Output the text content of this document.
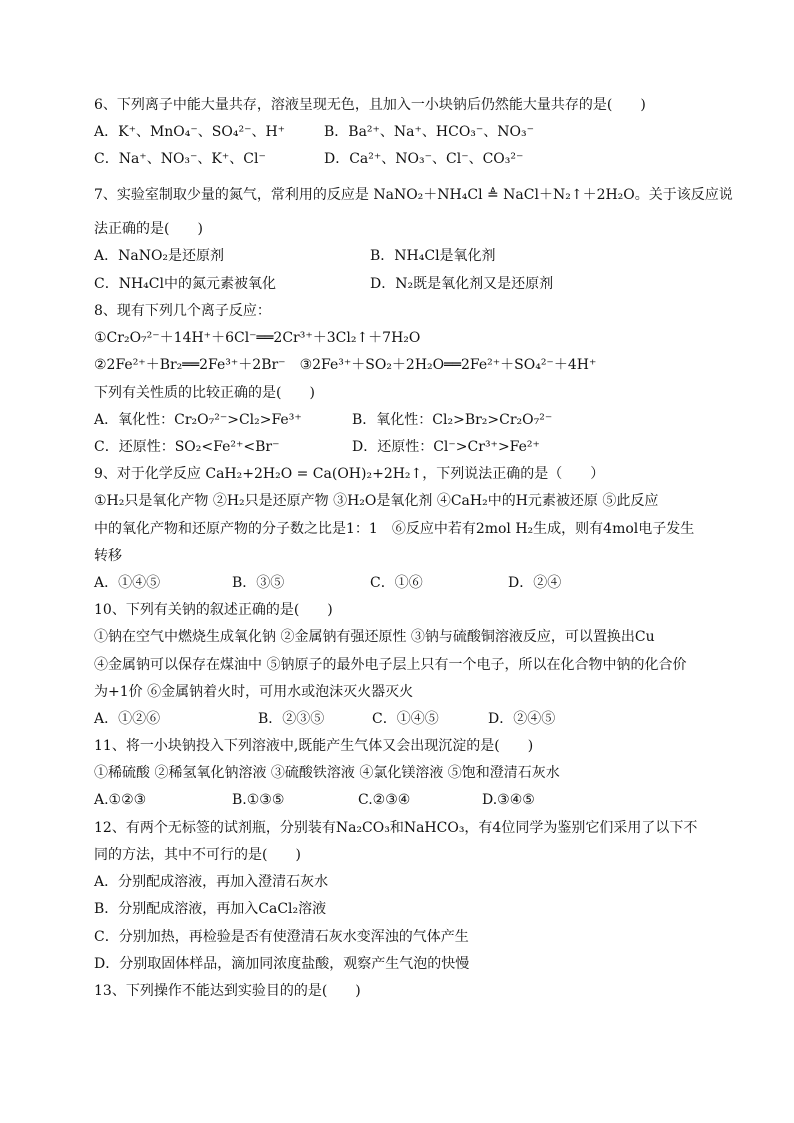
6、下列离子中能大量共存，溶液呈现无色，且加入一小块钠后仍然能大量共存的是(　　)
A．K⁺、MnO₄⁻、SO₄²⁻、H⁺	B．Ba²⁺、Na⁺、HCO₃⁻、NO₃⁻
C．Na⁺、NO₃⁻、K⁺、Cl⁻	D．Ca²⁺、NO₃⁻、Cl⁻、CO₃²⁻
7、实验室制取少量的氮气，常利用的反应是 NaNO₂＋NH₄Cl ≜ NaCl＋N₂↑＋2H₂O。关于该反应说
法正确的是(　　)
A．NaNO₂是还原剂	B．NH₄Cl是氧化剂
C．NH₄Cl中的氮元素被氧化	D．N₂既是氧化剂又是还原剂
8、现有下列几个离子反应：
①Cr₂O₇²⁻＋14H⁺＋6Cl⁻══2Cr³⁺＋3Cl₂↑＋7H₂O
②2Fe²⁺＋Br₂══2Fe³⁺＋2Br⁻　③2Fe³⁺＋SO₂＋2H₂O══2Fe²⁺＋SO₄²⁻＋4H⁺
下列有关性质的比较正确的是(　　)
A．氧化性：Cr₂O₇²⁻>Cl₂>Fe³⁺	B．氧化性：Cl₂>Br₂>Cr₂O₇²⁻
C．还原性：SO₂<Fe²⁺<Br⁻	D．还原性：Cl⁻>Cr³⁺>Fe²⁺
9、对于化学反应 CaH₂+2H₂O = Ca(OH)₂+2H₂↑，下列说法正确的是（　　）
①H₂只是氧化产物 ②H₂只是还原产物 ③H₂O是氧化剂 ④CaH₂中的H元素被还原 ⑤此反应
中的氧化产物和还原产物的分子数之比是1：1　⑥反应中若有2mol H₂生成，则有4mol电子发生
转移
A．①④⑤	B．③⑤	C．①⑥	D．②④
10、下列有关钠的叙述正确的是(　　)
①钠在空气中燃烧生成氧化钠 ②金属钠有强还原性 ③钠与硫酸铜溶液反应，可以置换出Cu
④金属钠可以保存在煤油中 ⑤钠原子的最外电子层上只有一个电子，所以在化合物中钠的化合价
为+1价 ⑥金属钠着火时，可用水或泡沫灭火器灭火
A．①②⑥	B．②③⑤	C．①④⑤	D．②④⑤
11、将一小块钠投入下列溶液中,既能产生气体又会出现沉淀的是(　　)
①稀硫酸 ②稀氢氧化钠溶液 ③硫酸铁溶液 ④氯化镁溶液 ⑤饱和澄清石灰水
A.①②③	B.①③⑤	C.②③④	D.③④⑤
12、有两个无标签的试剂瓶，分别装有Na₂CO₃和NaHCO₃，有4位同学为鉴别它们采用了以下不
同的方法，其中不可行的是(　　)
A．分别配成溶液，再加入澄清石灰水
B．分别配成溶液，再加入CaCl₂溶液
C．分别加热，再检验是否有使澄清石灰水变浑浊的气体产生
D．分别取固体样品，滴加同浓度盐酸，观察产生气泡的快慢
13、下列操作不能达到实验目的的是(　　)
